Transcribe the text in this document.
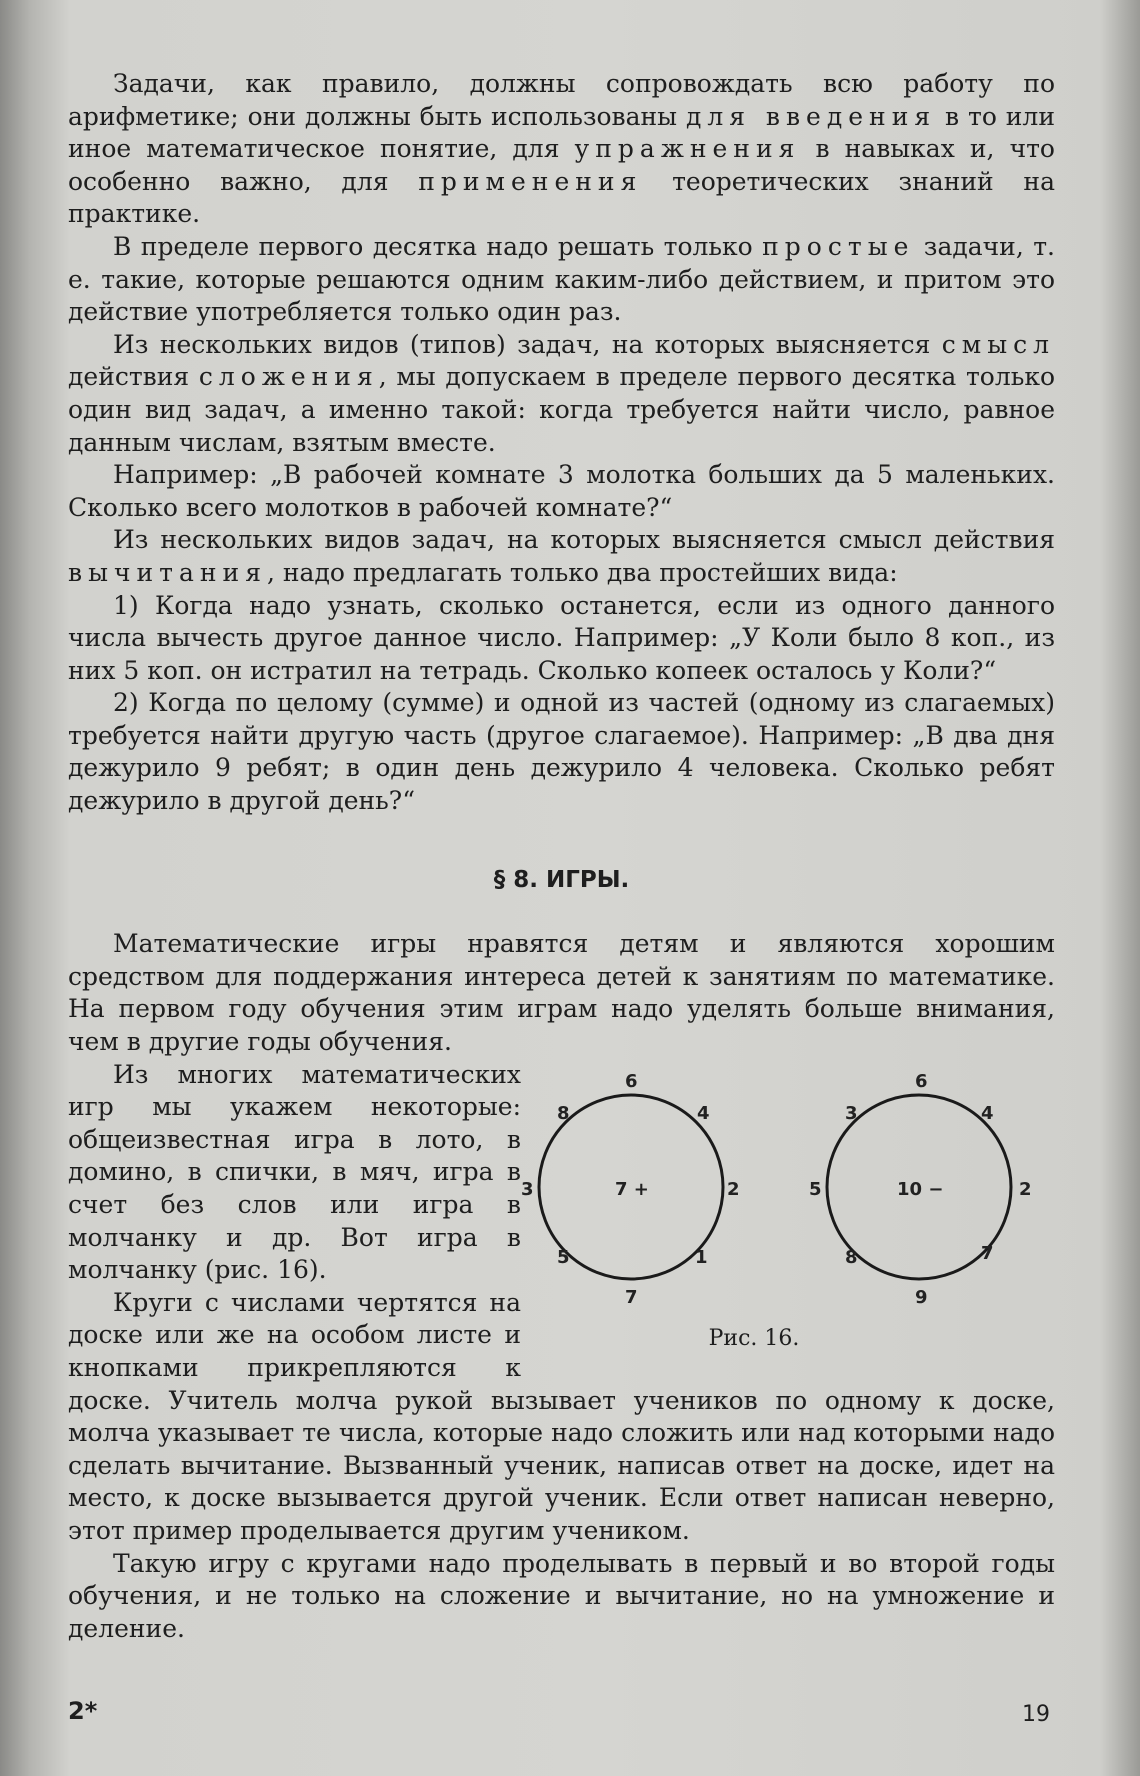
Задачи, как правило, должны сопровождать всю работу по арифметике; они должны быть использованы для введения в то или иное математическое понятие, для упражнения в навыках и, что особенно важно, для применения теоретических знаний на практике.

В пределе первого десятка надо решать только простые задачи, т. е. такие, которые решаются одним каким-либо действием, и притом это действие употребляется только один раз.

Из нескольких видов (типов) задач, на которых выясняется смысл действия сложения, мы допускаем в пределе первого десятка только один вид задач, а именно такой: когда требуется найти число, равное данным числам, взятым вместе.

Например: „В рабочей комнате 3 молотка больших да 5 маленьких. Сколько всего молотков в рабочей комнате?“

Из нескольких видов задач, на которых выясняется смысл действия вычитания, надо предлагать только два простейших вида:

1) Когда надо узнать, сколько останется, если из одного данного числа вычесть другое данное число. Например: „У Коли было 8 коп., из них 5 коп. он истратил на тетрадь. Сколько копеек осталось у Коли?“

2) Когда по целому (сумме) и одной из частей (одному из слагаемых) требуется найти другую часть (другое слагаемое). Например: „В два дня дежурило 9 ребят; в один день дежурило 4 человека. Сколько ребят дежурило в другой день?“

§ 8. ИГРЫ.

Математические игры нравятся детям и являются хорошим средством для поддержания интереса детей к занятиям по математике. На первом году обучения этим играм надо уделять больше внимания, чем в другие годы обучения.

6
4
2
1
7
5
3
8
7 +
6
4
2
7
9
8
5
3
10 −
Рис. 16.

Из многих математических игр мы укажем некоторые: общеизвестная игра в лото, в домино, в спички, в мяч, игра в счет без слов или игра в молчанку и др. Вот игра в молчанку (рис. 16).

Круги с числами чертятся на доске или же на особом листе и кнопками прикрепляются к доске. Учитель молча рукой вызывает учеников по одному к доске, молча указывает те числа, которые надо сложить или над которыми надо сделать вычитание. Вызванный ученик, написав ответ на доске, идет на место, к доске вызывается другой ученик. Если ответ написан неверно, этот пример проделывается другим учеником.

Такую игру с кругами надо проделывать в первый и во второй годы обучения, и не только на сложение и вычитание, но на умножение и деление.

2*	19
